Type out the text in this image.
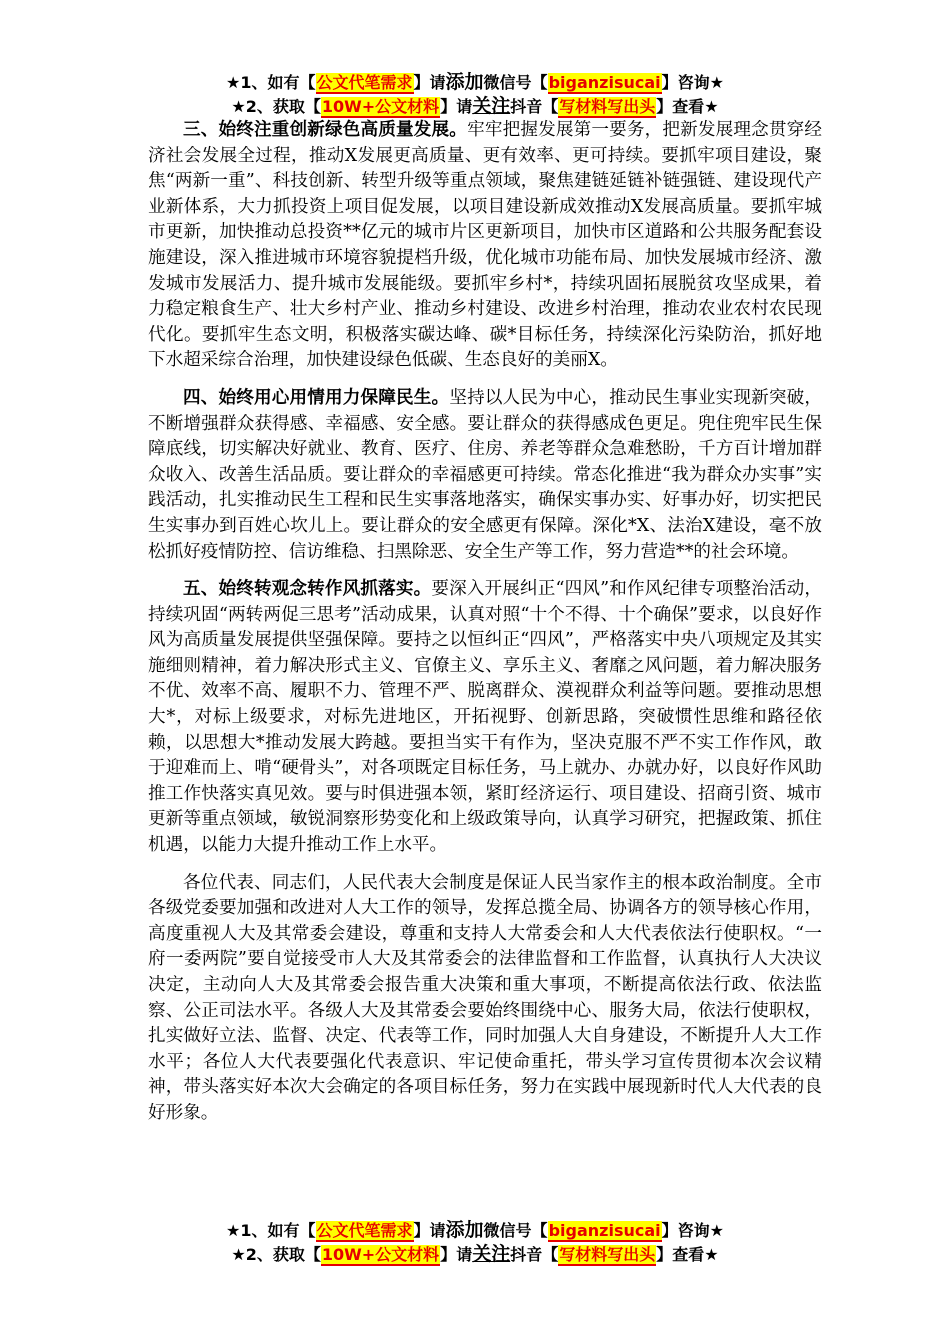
★1、如有【公文代笔需求】请添加微信号【biganzisucai】咨询★
★2、获取【10W+公文材料】请关注抖音【写材料写出头】查看★

三、始终注重创新绿色高质量发展。牢牢把握发展第一要务，把新发展理念贯穿经济社会发展全过程，推动X发展更高质量、更有效率、更可持续。要抓牢项目建设，聚焦“两新一重”、科技创新、转型升级等重点领域，聚焦建链延链补链强链、建设现代产业新体系，大力抓投资上项目促发展，以项目建设新成效推动X发展高质量。要抓牢城市更新，加快推动总投资**亿元的城市片区更新项目，加快市区道路和公共服务配套设施建设，深入推进城市环境容貌提档升级，优化城市功能布局、加快发展城市经济、激发城市发展活力、提升城市发展能级。要抓牢乡村*，持续巩固拓展脱贫攻坚成果，着力稳定粮食生产、壮大乡村产业、推动乡村建设、改进乡村治理，推动农业农村农民现代化。要抓牢生态文明，积极落实碳达峰、碳*目标任务，持续深化污染防治，抓好地下水超采综合治理，加快建设绿色低碳、生态良好的美丽X。

四、始终用心用情用力保障民生。坚持以人民为中心，推动民生事业实现新突破，不断增强群众获得感、幸福感、安全感。要让群众的获得感成色更足。兜住兜牢民生保障底线，切实解决好就业、教育、医疗、住房、养老等群众急难愁盼，千方百计增加群众收入、改善生活品质。要让群众的幸福感更可持续。常态化推进“我为群众办实事”实践活动，扎实推动民生工程和民生实事落地落实，确保实事办实、好事办好，切实把民生实事办到百姓心坎儿上。要让群众的安全感更有保障。深化*X、法治X建设，毫不放松抓好疫情防控、信访维稳、扫黑除恶、安全生产等工作，努力营造**的社会环境。

五、始终转观念转作风抓落实。要深入开展纠正“四风”和作风纪律专项整治活动，持续巩固“两转两促三思考”活动成果，认真对照“十个不得、十个确保”要求，以良好作风为高质量发展提供坚强保障。要持之以恒纠正“四风”，严格落实中央八项规定及其实施细则精神，着力解决形式主义、官僚主义、享乐主义、奢靡之风问题，着力解决服务不优、效率不高、履职不力、管理不严、脱离群众、漠视群众利益等问题。要推动思想大*，对标上级要求，对标先进地区，开拓视野、创新思路，突破惯性思维和路径依赖，以思想大*推动发展大跨越。要担当实干有作为，坚决克服不严不实工作作风，敢于迎难而上、啃“硬骨头”，对各项既定目标任务，马上就办、办就办好，以良好作风助推工作快落实真见效。要与时俱进强本领，紧盯经济运行、项目建设、招商引资、城市更新等重点领域，敏锐洞察形势变化和上级政策导向，认真学习研究，把握政策、抓住机遇，以能力大提升推动工作上水平。

各位代表、同志们，人民代表大会制度是保证人民当家作主的根本政治制度。全市各级党委要加强和改进对人大工作的领导，发挥总揽全局、协调各方的领导核心作用，高度重视人大及其常委会建设，尊重和支持人大常委会和人大代表依法行使职权。“一府一委两院”要自觉接受市人大及其常委会的法律监督和工作监督，认真执行人大决议决定，主动向人大及其常委会报告重大决策和重大事项，不断提高依法行政、依法监察、公正司法水平。各级人大及其常委会要始终围绕中心、服务大局，依法行使职权，扎实做好立法、监督、决定、代表等工作，同时加强人大自身建设，不断提升人大工作水平；各位人大代表要强化代表意识、牢记使命重托，带头学习宣传贯彻本次会议精神，带头落实好本次大会确定的各项目标任务，努力在实践中展现新时代人大代表的良好形象。

★1、如有【公文代笔需求】请添加微信号【biganzisucai】咨询★
★2、获取【10W+公文材料】请关注抖音【写材料写出头】查看★
